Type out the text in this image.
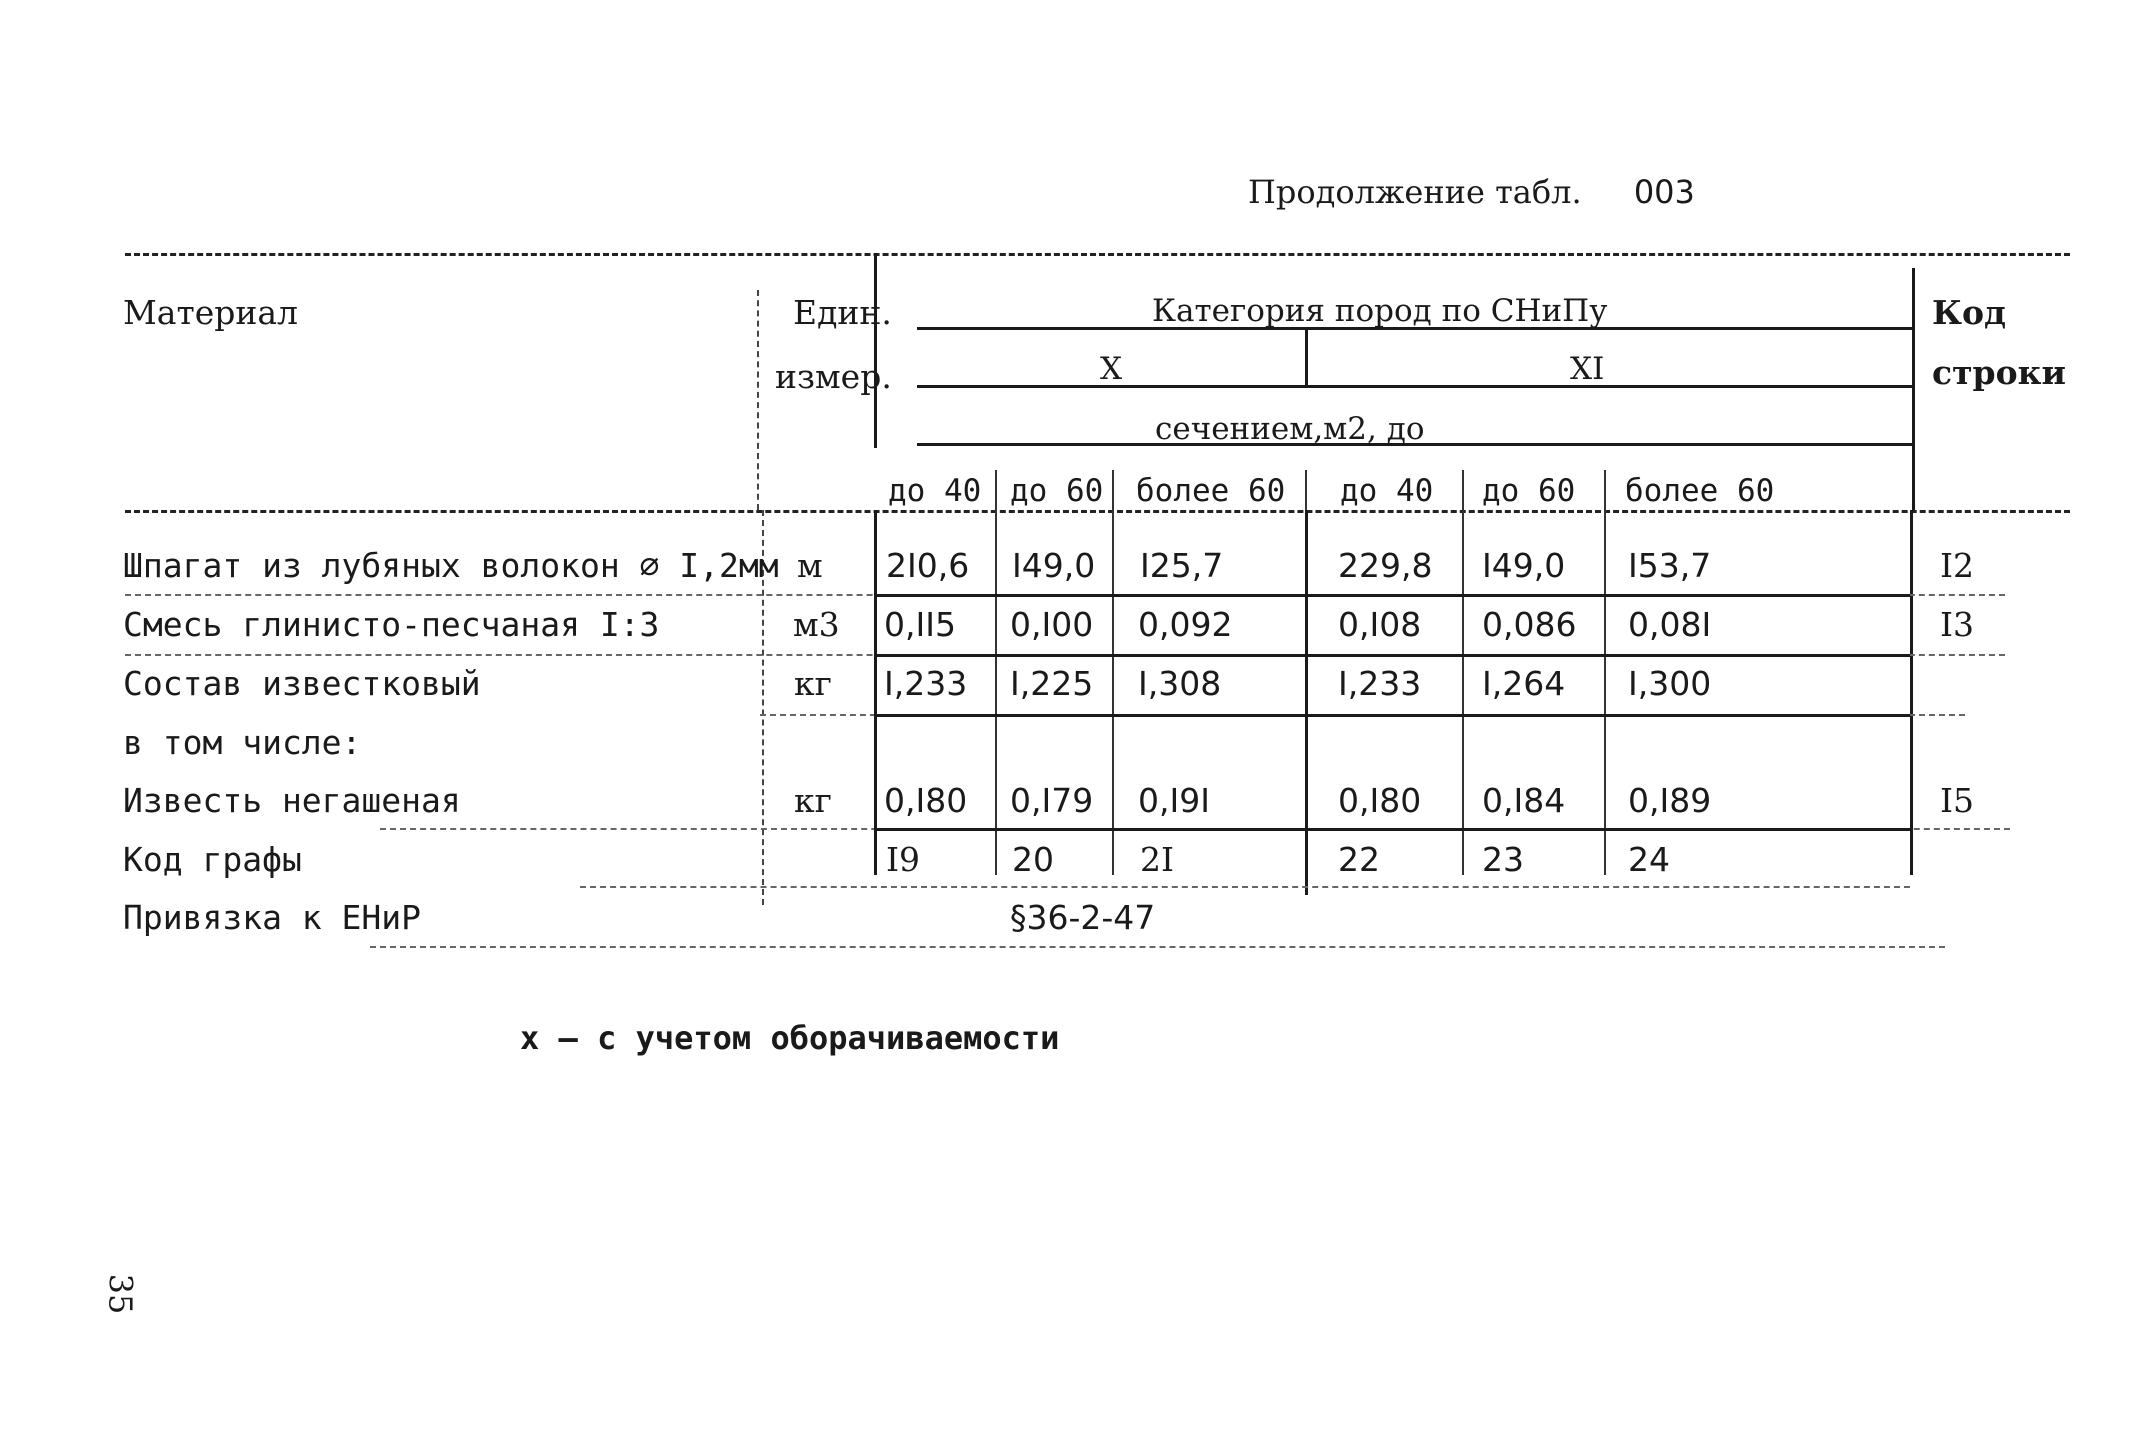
Продолжение табл. 003
Материал	Един.
измер.
Категория пород по СНиПу
X	XI
сечением,м2, до
Код
строки
до 40 до 60 более 60 до 40 до 60 более 60
Шпагат из лубяных волокон ∅ I,2мм м 2I0,6 I49,0 I25,7	229,8 I49,0 I53,7	I2
Смесь глинисто-песчаная I:3	м3 0,II5 0,I00 0,092	0,I08 0,086 0,08I	I3
Состав известковый	кг I,233 I,225 I,308	I,233 I,264 I,300
в том числе:
Известь негашеная	кг 0,I80 0,I79 0,I9I	0,I80 0,I84 0,I89	I5
Код графы	I9	20	2I	22	23	24
Привязка к ЕНиР	§36-2-47
х – с учетом оборачиваемости
35
